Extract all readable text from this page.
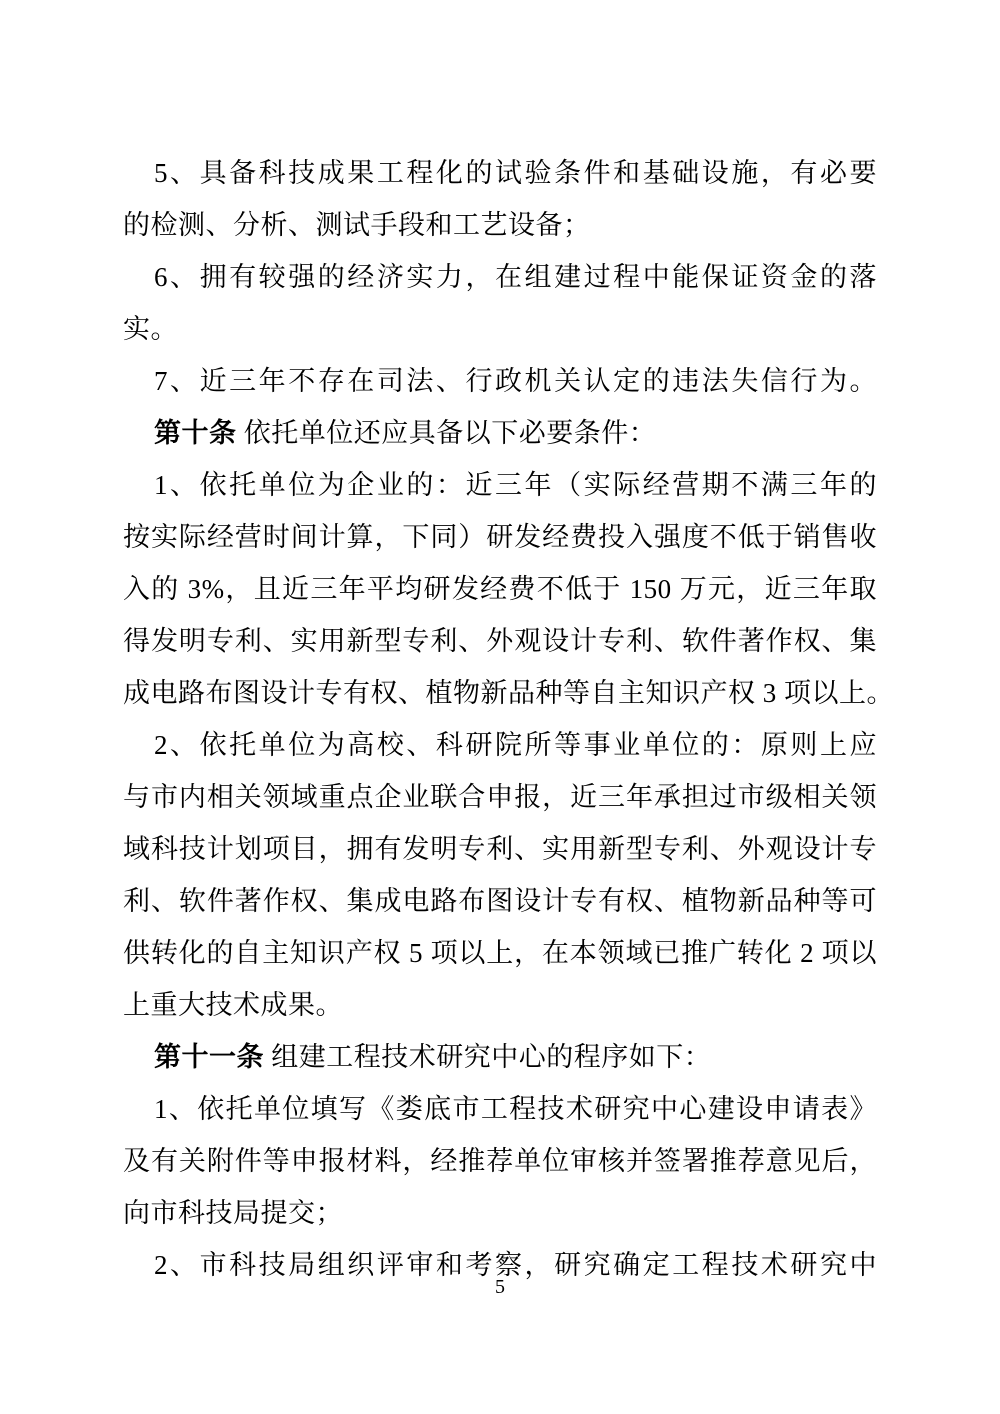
5、具备科技成果工程化的试验条件和基础设施，有必要
的检测、分析、测试手段和工艺设备；
6、拥有较强的经济实力，在组建过程中能保证资金的落
实。
7、近三年不存在司法、行政机关认定的违法失信行为。
第十条 依托单位还应具备以下必要条件：
1、依托单位为企业的：近三年（实际经营期不满三年的
按实际经营时间计算，下同）研发经费投入强度不低于销售收
入的 3%，且近三年平均研发经费不低于 150 万元，近三年取
得发明专利、实用新型专利、外观设计专利、软件著作权、集
成电路布图设计专有权、植物新品种等自主知识产权 3 项以上。
2、依托单位为高校、科研院所等事业单位的：原则上应
与市内相关领域重点企业联合申报，近三年承担过市级相关领
域科技计划项目，拥有发明专利、实用新型专利、外观设计专
利、软件著作权、集成电路布图设计专有权、植物新品种等可
供转化的自主知识产权 5 项以上，在本领域已推广转化 2 项以
上重大技术成果。
第十一条 组建工程技术研究中心的程序如下：
1、依托单位填写《娄底市工程技术研究中心建设申请表》
及有关附件等申报材料，经推荐单位审核并签署推荐意见后，
向市科技局提交；
2、市科技局组织评审和考察，研究确定工程技术研究中
5
